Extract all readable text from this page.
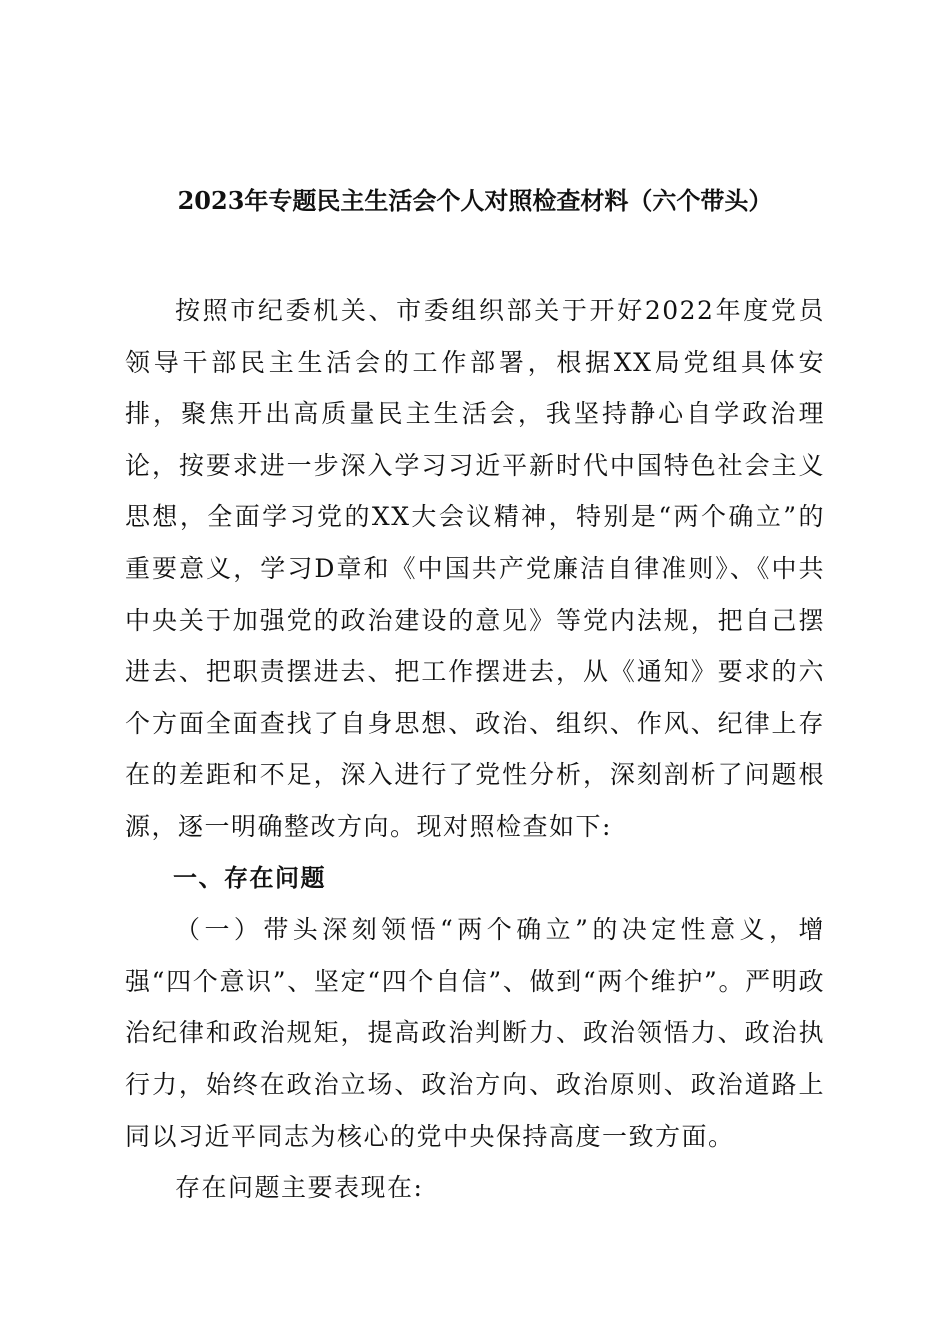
2023年专题民主生活会个人对照检查材料（六个带头）

按照市纪委机关、市委组织部关于开好2022年度党员领导干部民主生活会的工作部署，根据XX局党组具体安排，聚焦开出高质量民主生活会，我坚持静心自学政治理论，按要求进一步深入学习习近平新时代中国特色社会主义思想，全面学习党的XX大会议精神，特别是“两个确立”的重要意义，学习D章和《中国共产党廉洁自律准则》、《中共中央关于加强党的政治建设的意见》等党内法规，把自己摆进去、把职责摆进去、把工作摆进去，从《通知》要求的六个方面全面查找了自身思想、政治、组织、作风、纪律上存在的差距和不足，深入进行了党性分析，深刻剖析了问题根源，逐一明确整改方向。现对照检查如下:

一、存在问题

（一）带头深刻领悟“两个确立”的决定性意义，增强“四个意识”、坚定“四个自信”、做到“两个维护”。严明政治纪律和政治规矩，提高政治判断力、政治领悟力、政治执行力，始终在政治立场、政治方向、政治原则、政治道路上同以习近平同志为核心的党中央保持高度一致方面。

存在问题主要表现在:
